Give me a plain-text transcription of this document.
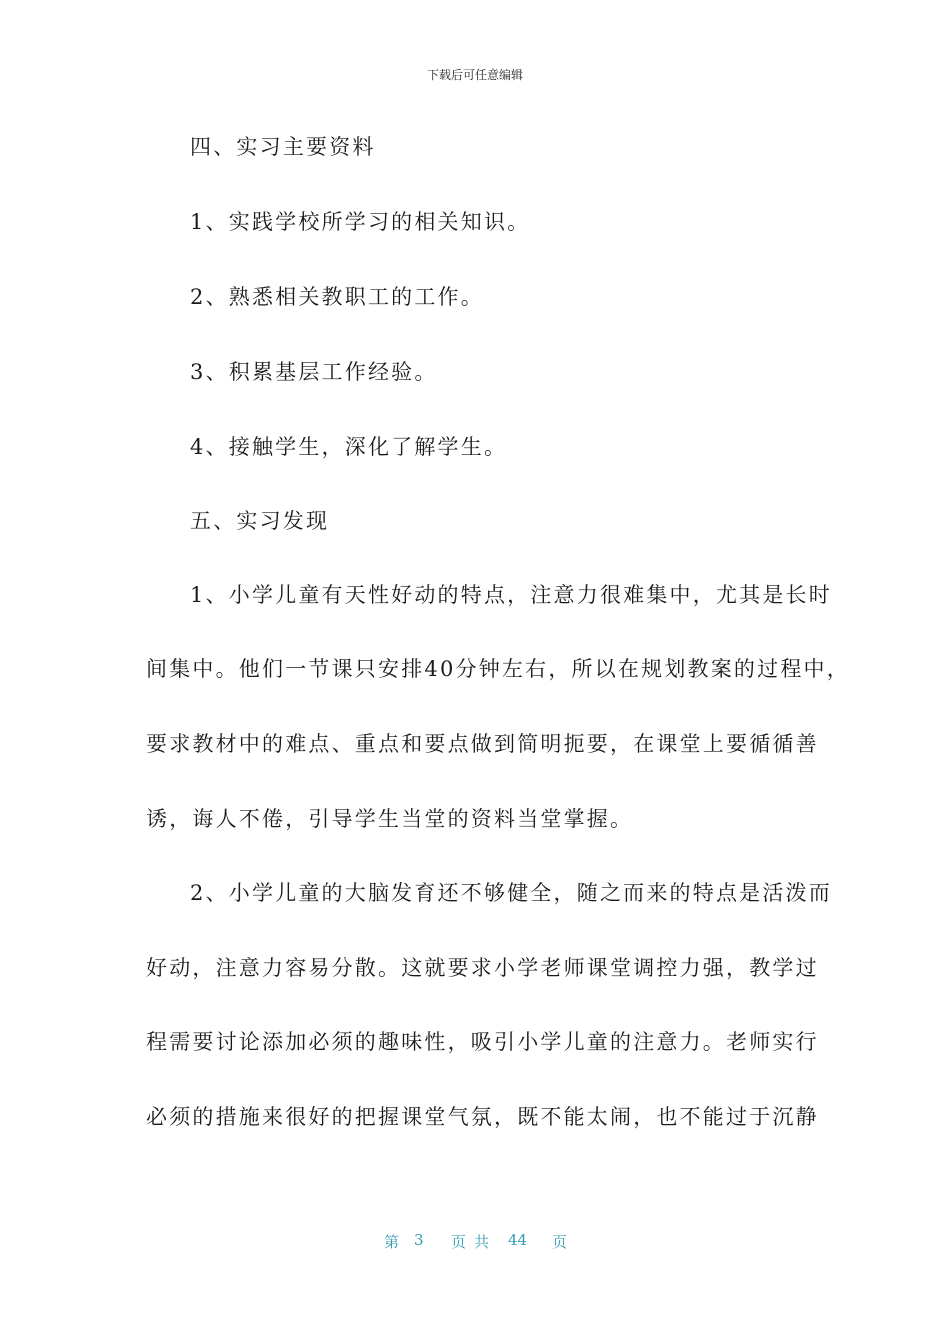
下载后可任意编辑
四、实习主要资料
1、实践学校所学习的相关知识。
2、熟悉相关教职工的工作。
3、积累基层工作经验。
4、接触学生，深化了解学生。
五、实习发现
1、小学儿童有天性好动的特点，注意力很难集中，尤其是长时
间集中。他们一节课只安排40分钟左右，所以在规划教案的过程中，
要求教材中的难点、重点和要点做到简明扼要，在课堂上要循循善
诱，诲人不倦，引导学生当堂的资料当堂掌握。
2、小学儿童的大脑发育还不够健全，随之而来的特点是活泼而
好动，注意力容易分散。这就要求小学老师课堂调控力强，教学过
程需要讨论添加必须的趣味性，吸引小学儿童的注意力。老师实行
必须的措施来很好的把握课堂气氛，既不能太闹，也不能过于沉静
第 3 页共 44 页
